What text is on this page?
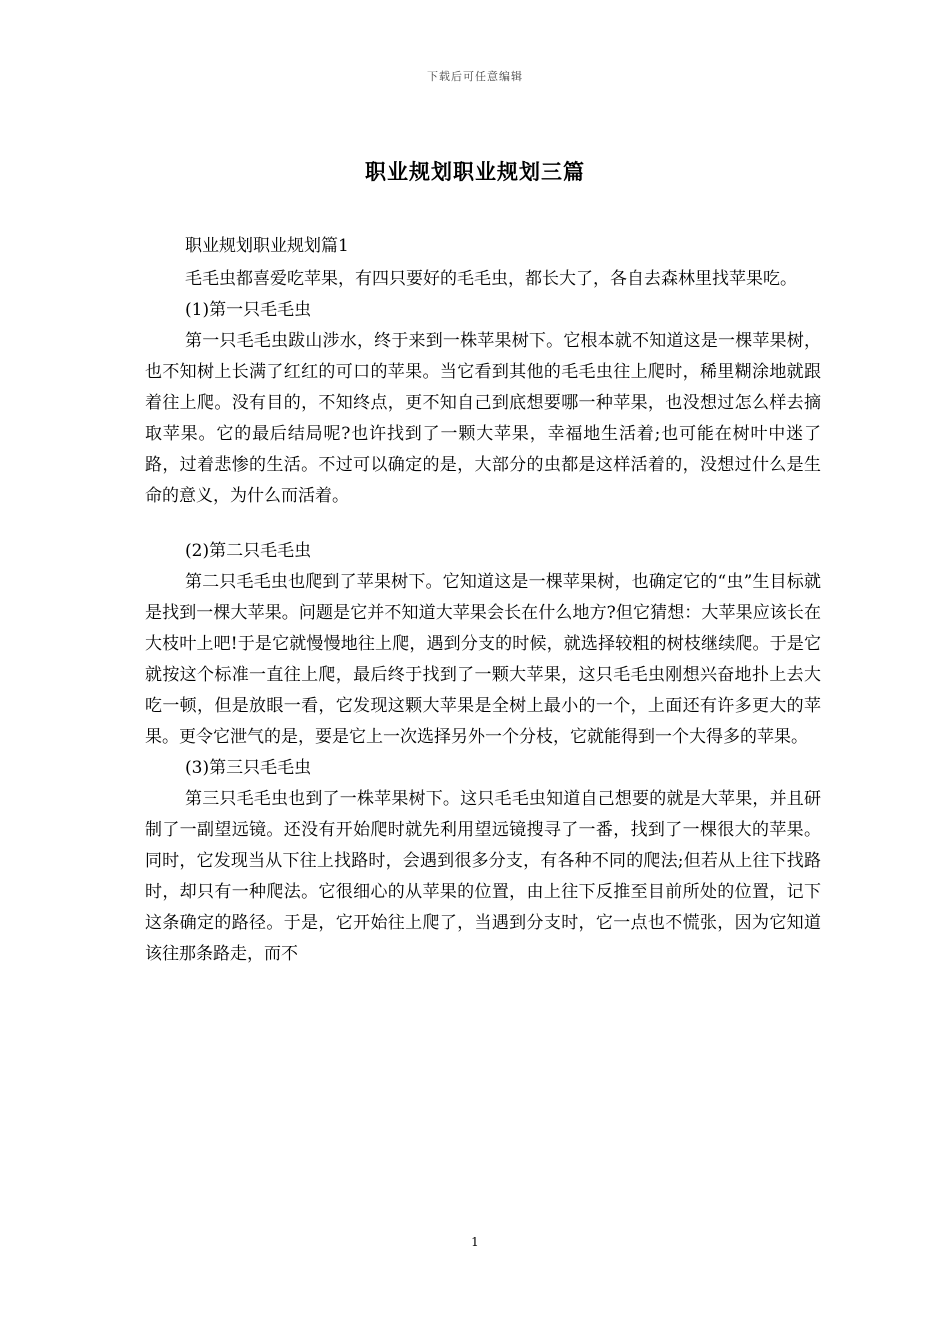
下载后可任意编辑
职业规划职业规划三篇

职业规划职业规划篇1

毛毛虫都喜爱吃苹果，有四只要好的毛毛虫，都长大了，各自去森林里找苹果吃。

(1)第一只毛毛虫

第一只毛毛虫跋山涉水，终于来到一株苹果树下。它根本就不知道这是一棵苹果树，也不知树上长满了红红的可口的苹果。当它看到其他的毛毛虫往上爬时，稀里糊涂地就跟着往上爬。没有目的，不知终点，更不知自己到底想要哪一种苹果，也没想过怎么样去摘取苹果。它的最后结局呢?也许找到了一颗大苹果，幸福地生活着;也可能在树叶中迷了路，过着悲惨的生活。不过可以确定的是，大部分的虫都是这样活着的，没想过什么是生命的意义，为什么而活着。

(2)第二只毛毛虫

第二只毛毛虫也爬到了苹果树下。它知道这是一棵苹果树，也确定它的“虫”生目标就是找到一棵大苹果。问题是它并不知道大苹果会长在什么地方?但它猜想：大苹果应该长在大枝叶上吧!于是它就慢慢地往上爬，遇到分支的时候，就选择较粗的树枝继续爬。于是它就按这个标准一直往上爬，最后终于找到了一颗大苹果，这只毛毛虫刚想兴奋地扑上去大吃一顿，但是放眼一看，它发现这颗大苹果是全树上最小的一个，上面还有许多更大的苹果。更令它泄气的是，要是它上一次选择另外一个分枝，它就能得到一个大得多的苹果。

(3)第三只毛毛虫

第三只毛毛虫也到了一株苹果树下。这只毛毛虫知道自己想要的就是大苹果，并且研制了一副望远镜。还没有开始爬时就先利用望远镜搜寻了一番，找到了一棵很大的苹果。同时，它发现当从下往上找路时，会遇到很多分支，有各种不同的爬法;但若从上往下找路时，却只有一种爬法。它很细心的从苹果的位置，由上往下反推至目前所处的位置，记下这条确定的路径。于是，它开始往上爬了，当遇到分支时，它一点也不慌张，因为它知道该往那条路走，而不

1
